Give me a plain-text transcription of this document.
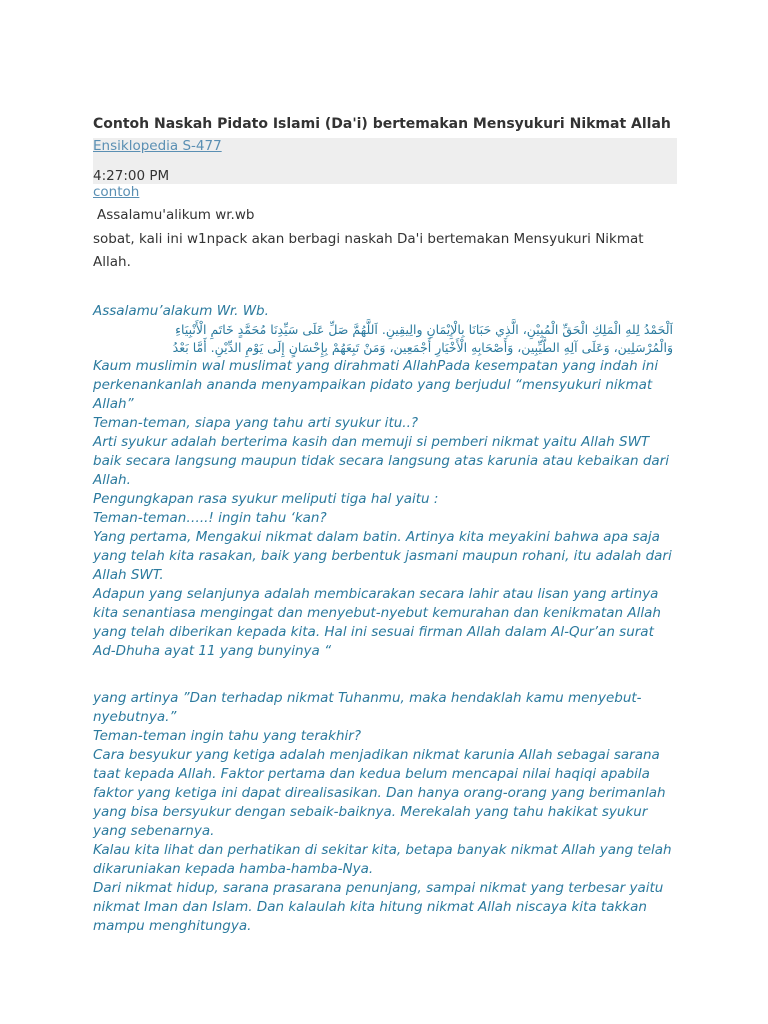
Contoh Naskah Pidato Islami (Da'i) bertemakan Mensyukuri Nikmat Allah
Ensiklopedia S-477
4:27:00 PM
contoh
Assalamu'alikum wr.wb
sobat, kali ini w1npack akan berbagi naskah Da'i bertemakan Mensyukuri Nikmat Allah.

Assalamu’alakum Wr. Wb.

اَلْحَمْدُ لِلهِ الْمَلِكِ الْحَقِّ الْمُبِيْنِ، الَّذِي حَبَانَا بِالْإِيْمَانِ والِيقِينِ. اَللَّهُمَّ صَلِّ عَلَى سَيِّدِنَا مُحَمَّدٍ خَاتَمِ الْأَنْبِيَاءِ

وَالْمُرْسَلِين، وَعَلَى آلِهِ الطَّيِّبِين، وَأَصْحَابِهِ الْأَخْيَارِ أَجْمَعِين، وَمَنْ تَبِعَهُمْ بِإِحْسَانٍ إِلَى يَوْمِ الدِّيْنِ. أَمَّا بَعْدُ

Kaum muslimin wal muslimat yang dirahmati AllahPada kesempatan yang indah ini perkenankanlah ananda menyampaikan pidato yang berjudul “mensyukuri nikmat Allah”

Teman-teman, siapa yang tahu arti syukur itu..?

Arti syukur adalah berterima kasih dan memuji si pemberi nikmat yaitu Allah SWT baik secara langsung maupun tidak secara langsung atas karunia atau kebaikan dari Allah.

Pengungkapan rasa syukur meliputi tiga hal yaitu :

Teman-teman…..! ingin tahu ‘kan?

Yang pertama, Mengakui nikmat dalam batin. Artinya kita meyakini bahwa apa saja yang telah kita rasakan, baik yang berbentuk jasmani maupun rohani, itu adalah dari Allah SWT.

Adapun yang selanjunya adalah membicarakan secara lahir atau lisan yang artinya kita senantiasa mengingat dan menyebut-nyebut kemurahan dan kenikmatan Allah yang telah diberikan kepada kita. Hal ini sesuai firman Allah dalam Al-Qur’an surat Ad-Dhuha ayat 11 yang bunyinya “

yang artinya ”Dan terhadap nikmat Tuhanmu, maka hendaklah kamu menyebut-nyebutnya.”

Teman-teman ingin tahu yang terakhir?

Cara besyukur yang ketiga adalah menjadikan nikmat karunia Allah sebagai sarana taat kepada Allah. Faktor pertama dan kedua belum mencapai nilai haqiqi apabila faktor yang ketiga ini dapat direalisasikan. Dan hanya orang-orang yang berimanlah yang bisa bersyukur dengan sebaik-baiknya. Merekalah yang tahu hakikat syukur yang sebenarnya.

Kalau kita lihat dan perhatikan di sekitar kita, betapa banyak nikmat Allah yang telah dikaruniakan kepada hamba-hamba-Nya.

Dari nikmat hidup, sarana prasarana penunjang, sampai nikmat yang terbesar yaitu nikmat Iman dan Islam. Dan kalaulah kita hitung nikmat Allah niscaya kita takkan mampu menghitungya.
